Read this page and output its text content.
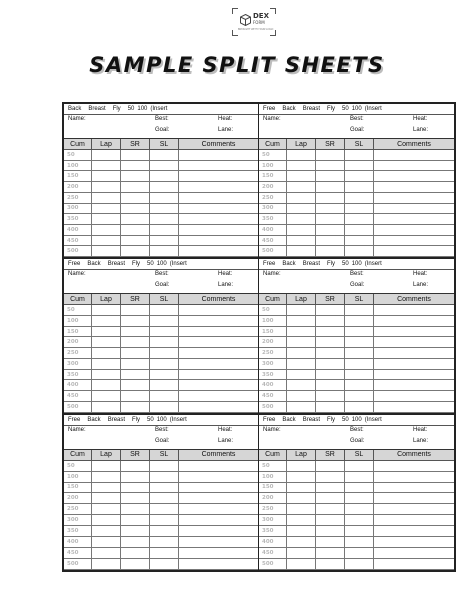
DEX
FORM
BROUGHT WITH YOUR LOGO
SAMPLE SPLIT SHEETS
Back Breast Fly 50 100 (Insert
Name:	Best:	Heat:
Goal:	Lane:
Cum	Lap	SR	SL	Comments
50				
100				
150				
200				
250				
300				
350				
400				
450				
500				
Free Back Breast Fly 50 100 (Insert
Name:	Best:	Heat:
Goal:	Lane:
Cum	Lap	SR	SL	Comments
50				
100				
150				
200				
250				
300				
350				
400				
450				
500				
Free Back Breast Fly 50 100 (Insert
Name:	Best:	Heat:
Goal:	Lane:
Cum	Lap	SR	SL	Comments
50				
100				
150				
200				
250				
300				
350				
400				
450				
500				
Free Back Breast Fly 50 100 (Insert
Name:	Best:	Heat:
Goal:	Lane:
Cum	Lap	SR	SL	Comments
50				
100				
150				
200				
250				
300				
350				
400				
450				
500				
Free Back Breast Fly 50 100 (Insert
Name:	Best:	Heat:
Goal:	Lane:
Cum	Lap	SR	SL	Comments
50				
100				
150				
200				
250				
300				
350				
400				
450				
500				
Free Back Breast Fly 50 100 (Insert
Name:	Best:	Heat:
Goal:	Lane:
Cum	Lap	SR	SL	Comments
50				
100				
150				
200				
250				
300				
350				
400				
450				
500				
